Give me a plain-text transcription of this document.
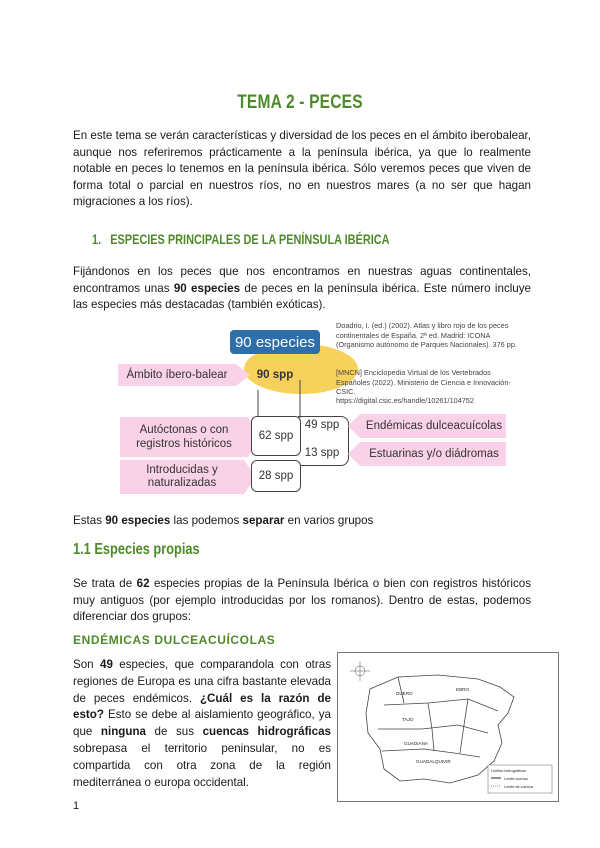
TEMA 2 - PECES
En este tema se verán características y diversidad de los peces en el ámbito iberobalear, aunque nos referiremos prácticamente a la península ibérica, ya que lo realmente notable en peces lo tenemos en la península ibérica. Sólo veremos peces que viven de forma total o parcial en nuestros ríos, no en nuestros mares (a no ser que hagan migraciones a los ríos).
1. ESPECIES PRINCIPALES DE LA PENÍNSULA IBÉRICA
Fijándonos en los peces que nos encontramos en nuestras aguas continentales, encontramos unas 90 especies de peces en la península ibérica. Este número incluye las especies más destacadas (también exóticas).
90 especies
Ámbito íbero-balear	90 spp
Autóctonas o con registros históricos
62 spp
49 spp
13 spp
Endémicas dulceacuícolas
Estuarinas y/o diádromas
Introducidas y naturalizadas
28 spp
Doadrio, I. (ed.) (2002). Atlas y libro rojo de los peces continentales de España. 2ª ed. Madrid: ICONA (Organismo autónomo de Parques Nacionales). 376 pp.
[MNCN] Enciclopedia Virtual de los Vertebrados Españoles (2022). Ministerio de Ciencia e Innovación-CSIC.
https://digital.csic.es/handle/10261/104752
Estas 90 especies las podemos separar en varios grupos
1.1 Especies propias
Se trata de 62 especies propias de la Península Ibérica o bien con registros históricos muy antiguos (por ejemplo introducidas por los romanos). Dentro de estas, podemos diferenciar dos grupos:
ENDÉMICAS DULCEACUÍCOLAS
Son 49 especies, que comparandola con otras regiones de Europa es una cifra bastante elevada de peces endémicos. ¿Cuál es la razón de esto? Esto se debe al aislamiento geográfico, ya que ninguna de sus cuencas hidrográficas sobrepasa el territorio peninsular, no es compartida con otra zona de la región mediterránea o europa occidental.
DUERO
EBRO
TAJO
GUADIANA
GUADALQUIVIR
Límites hidrográficos
Límite cuenca
Límite de cuenca
1
